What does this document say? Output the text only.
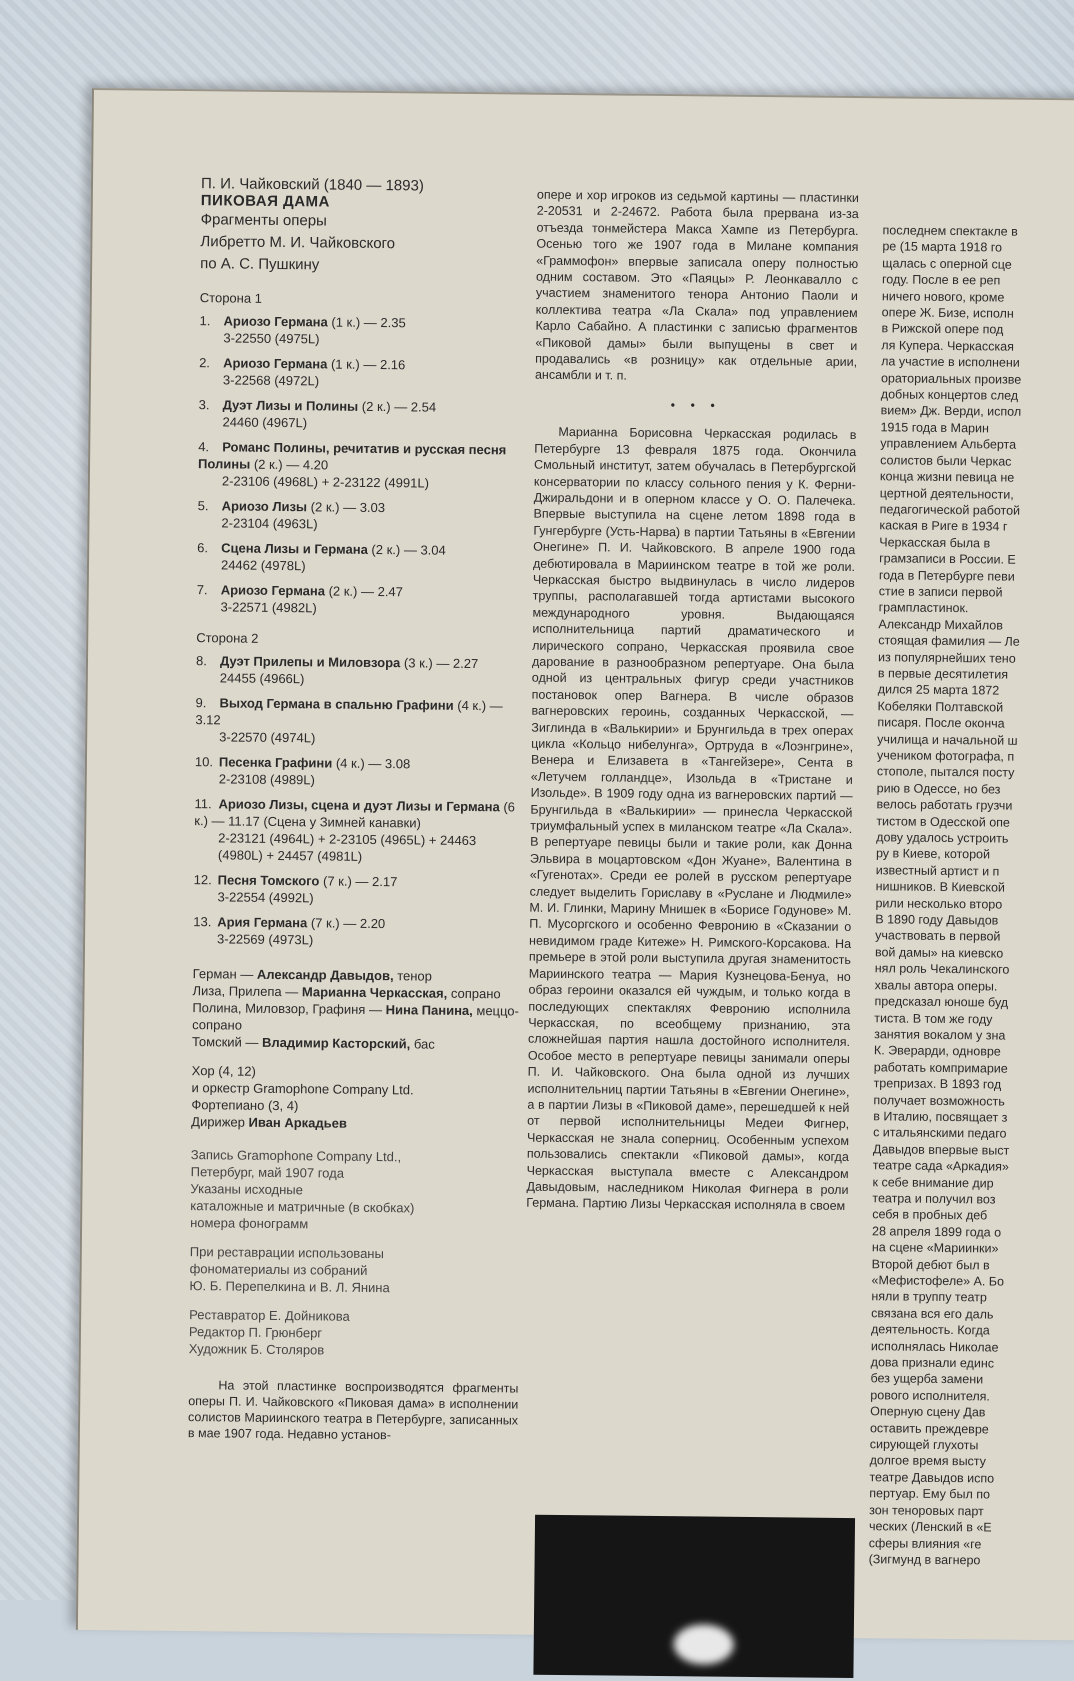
П. И. Чайковский (1840 — 1893)
ПИКОВАЯ ДАМА
Фрагменты оперы
Либретто М. И. Чайковского
по А. С. Пушкину
Сторона 1
1. Ариозо Германа (1 к.) — 2.35
3-22550 (4975L)
2. Ариозо Германа (1 к.) — 2.16
3-22568 (4972L)
3. Дуэт Лизы и Полины (2 к.) — 2.54
24460 (4967L)
4. Романс Полины, речитатив и русская песня Полины (2 к.) — 4.20
2-23106 (4968L) + 2-23122 (4991L)
5. Ариозо Лизы (2 к.) — 3.03
2-23104 (4963L)
6. Сцена Лизы и Германа (2 к.) — 3.04
24462 (4978L)
7. Ариозо Германа (2 к.) — 2.47
3-22571 (4982L)
Сторона 2
8. Дуэт Прилепы и Миловзора (3 к.) — 2.27
24455 (4966L)
9. Выход Германа в спальню Графини (4 к.) — 3.12
3-22570 (4974L)
10. Песенка Графини (4 к.) — 3.08
2-23108 (4989L)
11. Ариозо Лизы, сцена и дуэт Лизы и Германа (6 к.) — 11.17 (Сцена у Зимней канавки)
2-23121 (4964L) + 2-23105 (4965L) + 24463 (4980L) + 24457 (4981L)
12. Песня Томского (7 к.) — 2.17
3-22554 (4992L)
13. Ария Германа (7 к.) — 2.20
3-22569 (4973L)

Герман — Александр Давыдов, тенор

Лиза, Прилепа — Марианна Черкасская, сопрано

Полина, Миловзор, Графиня — Нина Панина, меццо-сопрано

Томский — Владимир Касторский, бас

Хор (4, 12)
и оркестр Gramophone Company Ltd.
Фортепиано (3, 4)
Дирижер Иван Аркадьев

Запись Gramophone Company Ltd.,

Петербург, май 1907 года

Указаны исходные

каталожные и матричные (в скобках)

номера фонограмм

При реставрации использованы

фономатериалы из собраний

Ю. Б. Перепелкина и В. Л. Янина

Реставратор Е. Дойникова

Редактор П. Грюнберг

Художник Б. Столяров

На этой пластинке воспроизводятся фрагменты оперы П. И. Чайковского «Пиковая дама» в исполнении солистов Мариинского театра в Петербурге, записанных в мае 1907 года. Недавно установ-

опере и хор игроков из седьмой картины — пластинки 2-20531 и 2-24672. Работа была прервана из-за отъезда тонмейстера Макса Хампе из Петербурга. Осенью того же 1907 года в Милане компания «Граммофон» впервые записала оперу полностью одним составом. Это «Паяцы» Р. Леонкавалло с участием знаменитого тенора Антонио Паоли и коллектива театра «Ла Скала» под управлением Карло Сабайно. А пластинки с записью фрагментов «Пиковой дамы» были выпущены в свет и продавались «в розницу» как отдельные арии, ансамбли и т. п.

• • •

Марианна Борисовна Черкасская родилась в Петербурге 13 февраля 1875 года. Окончила Смольный институт, затем обучалась в Петербургской консерватории по классу сольного пения у К. Ферни-Джиральдони и в оперном классе у О. О. Палечека. Впервые выступила на сцене летом 1898 года в Гунгербурге (Усть-Нарва) в партии Татьяны в «Евгении Онегине» П. И. Чайковского. В апреле 1900 года дебютировала в Мариинском театре в той же роли. Черкасская быстро выдвинулась в число лидеров труппы, располагавшей тогда артистами высокого международного уровня. Выдающаяся исполнительница партий драматического и лирического сопрано, Черкасская проявила свое дарование в разнообразном репертуаре. Она была одной из центральных фигур среди участников постановок опер Вагнера. В числе образов вагнеровских героинь, созданных Черкасской, — Зиглинда в «Валькирии» и Брунгильда в трех операх цикла «Кольцо нибелунга», Ортруда в «Лоэнгрине», Венера и Елизавета в «Тангейзере», Сента в «Летучем голландце», Изольда в «Тристане и Изольде». В 1909 году одна из вагнеровских партий — Брунгильда в «Валькирии» — принесла Черкасской триумфальный успех в миланском театре «Ла Скала». В репертуаре певицы были и такие роли, как Донна Эльвира в моцартовском «Дон Жуане», Валентина в «Гугенотах». Среди ее ролей в русском репертуаре следует выделить Гориславу в «Руслане и Людмиле» М. И. Глинки, Марину Мнишек в «Борисе Годунове» М. П. Мусоргского и особенно Февронию в «Сказании о невидимом граде Китеже» Н. Римского-Корсакова. На премьере в этой роли выступила другая знаменитость Мариинского театра — Мария Кузнецова-Бенуа, но образ героини оказался ей чуждым, и только когда в последующих спектаклях Февронию исполнила Черкасская, по всеобщему признанию, эта сложнейшая партия нашла достойного исполнителя. Особое место в репертуаре певицы занимали оперы П. И. Чайковского. Она была одной из лучших исполнительниц партии Татьяны в «Евгении Онегине», а в партии Лизы в «Пиковой даме», перешедшей к ней от первой исполнительницы Медеи Фигнер, Черкасская не знала соперниц. Особенным успехом пользовались спектакли «Пиковой дамы», когда Черкасская выступала вместе с Александром Давыдовым, наследником Николая Фигнера в роли Германа. Партию Лизы Черкасская исполняла в своем

последнем спектакле в

ре (15 марта 1918 го

щалась с оперной сце

году. После в ее реп

ничего нового, кроме

опере Ж. Бизе, исполн

в Рижской опере под

ля Купера. Черкасская

ла участие в исполнени

ораториальных произве

добных концертов след

вием» Дж. Верди, испол

1915 года в Марин

управлением Альберта

солистов были Черкас

конца жизни певица не

цертной деятельности,

педагогической работой

каская в Риге в 1934 г

Черкасская была в

грамзаписи в России. Е

года в Петербурге певи

стие в записи первой

грампластинок.

Александр Михайлов

стоящая фамилия — Ле

из популярнейших тено

в первые десятилетия

дился 25 марта 1872

Кобеляки Полтавской

писаря. После оконча

училища и начальной ш

учеником фотографа, п

стополе, пытался посту

рию в Одессе, но без

велось работать грузчи

тистом в Одесской опе

дову удалось устроить

ру в Киеве, которой

известный артист и п

нишников. В Киевской

рили несколько второ

В 1890 году Давыдов

участвовать в первой

вой дамы» на киевско

нял роль Чекалинского

хвалы автора оперы.

предсказал юноше буд

тиста. В том же году

занятия вокалом у зна

К. Эверарди, одновре

работать компримарие

трепризах. В 1893 год

получает возможность

в Италию, посвящает з

с итальянскими педаго

Давыдов впервые выст

театре сада «Аркадия»

к себе внимание дир

театра и получил воз

себя в пробных деб

28 апреля 1899 года о

на сцене «Мариинки»

Второй дебют был в

«Мефистофеле» А. Бо

няли в труппу театр

связана вся его даль

деятельность. Когда

исполнялась Николае

дова признали единс

без ущерба замени

рового исполнителя.

Оперную сцену Дав

оставить преждевре

сирующей глухоты

долгое время высту

театре Давыдов испо

пертуар. Ему был по

зон теноровых парт

ческих (Ленский в «Е

сферы влияния «ге

(Зигмунд в вагнеро
